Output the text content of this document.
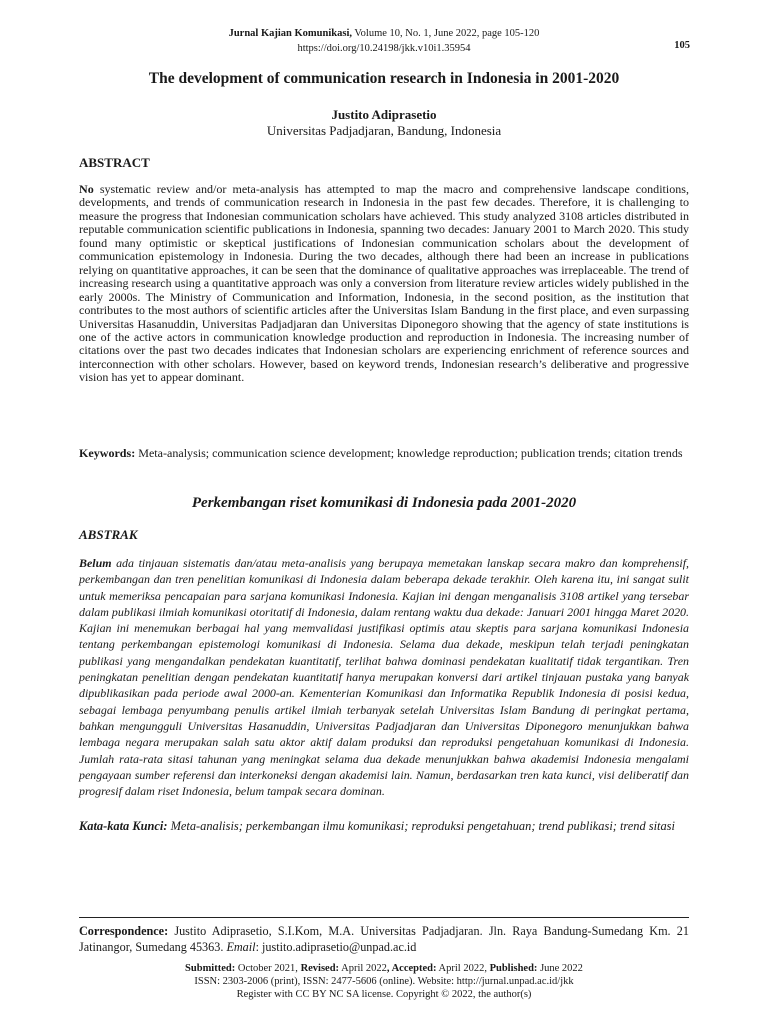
Jurnal Kajian Komunikasi, Volume 10, No. 1, June 2022, page 105-120
https://doi.org/10.24198/jkk.v10i1.35954	105
The development of communication research in Indonesia in 2001-2020
Justito Adiprasetio
Universitas Padjadjaran, Bandung, Indonesia
ABSTRACT

No systematic review and/or meta-analysis has attempted to map the macro and comprehensive landscape conditions, developments, and trends of communication research in Indonesia in the past few decades. Therefore, it is challenging to measure the progress that Indonesian communication scholars have achieved. This study analyzed 3108 articles distributed in reputable communication scientific publications in Indonesia, spanning two decades: January 2001 to March 2020. This study found many optimistic or skeptical justifications of Indonesian communication scholars about the development of communication epistemology in Indonesia. During the two decades, although there had been an increase in publications relying on quantitative approaches, it can be seen that the dominance of qualitative approaches was irreplaceable. The trend of increasing research using a quantitative approach was only a conversion from literature review articles widely published in the early 2000s. The Ministry of Communication and Information, Indonesia, in the second position, as the institution that contributes to the most authors of scientific articles after the Universitas Islam Bandung in the first place, and even surpassing Universitas Hasanuddin, Universitas Padjadjaran dan Universitas Diponegoro showing that the agency of state institutions is one of the active actors in communication knowledge production and reproduction in Indonesia. The increasing number of citations over the past two decades indicates that Indonesian scholars are experiencing enrichment of reference sources and interconnection with other scholars. However, based on keyword trends, Indonesian research’s deliberative and progressive vision has yet to appear dominant.

Keywords: Meta-analysis; communication science development; knowledge reproduction; publication trends; citation trends

Perkembangan riset komunikasi di Indonesia pada 2001-2020
ABSTRAK

Belum ada tinjauan sistematis dan/atau meta-analisis yang berupaya memetakan lanskap secara makro dan komprehensif, perkembangan dan tren penelitian komunikasi di Indonesia dalam beberapa dekade terakhir. Oleh karena itu, ini sangat sulit untuk memeriksa pencapaian para sarjana komunikasi Indonesia. Kajian ini dengan menganalisis 3108 artikel yang tersebar dalam publikasi ilmiah komunikasi otoritatif di Indonesia, dalam rentang waktu dua dekade: Januari 2001 hingga Maret 2020. Kajian ini menemukan berbagai hal yang memvalidasi justifikasi optimis atau skeptis para sarjana komunikasi Indonesia tentang perkembangan epistemologi komunikasi di Indonesia. Selama dua dekade, meskipun telah terjadi peningkatan publikasi yang mengandalkan pendekatan kuantitatif, terlihat bahwa dominasi pendekatan kualitatif tidak tergantikan. Tren peningkatan penelitian dengan pendekatan kuantitatif hanya merupakan konversi dari artikel tinjauan pustaka yang banyak dipublikasikan pada periode awal 2000-an. Kementerian Komunikasi dan Informatika Republik Indonesia di posisi kedua, sebagai lembaga penyumbang penulis artikel ilmiah terbanyak setelah Universitas Islam Bandung di peringkat pertama, bahkan mengungguli Universitas Hasanuddin, Universitas Padjadjaran dan Universitas Diponegoro menunjukkan bahwa lembaga negara merupakan salah satu aktor aktif dalam produksi dan reproduksi pengetahuan komunikasi di Indonesia. Jumlah rata-rata sitasi tahunan yang meningkat selama dua dekade menunjukkan bahwa akademisi Indonesia mengalami pengayaan sumber referensi dan interkoneksi dengan akademisi lain. Namun, berdasarkan tren kata kunci, visi deliberatif dan progresif dalam riset Indonesia, belum tampak secara dominan.

Kata-kata Kunci: Meta-analisis; perkembangan ilmu komunikasi; reproduksi pengetahuan; trend publikasi; trend sitasi

Correspondence: Justito Adiprasetio, S.I.Kom, M.A. Universitas Padjadjaran. Jln. Raya Bandung-Sumedang Km. 21 Jatinangor, Sumedang 45363. Email: justito.adiprasetio@unpad.ac.id

Submitted: October 2021, Revised: April 2022, Accepted: April 2022, Published: June 2022
ISSN: 2303-2006 (print), ISSN: 2477-5606 (online). Website: http://jurnal.unpad.ac.id/jkk
Register with CC BY NC SA license. Copyright © 2022, the author(s)
